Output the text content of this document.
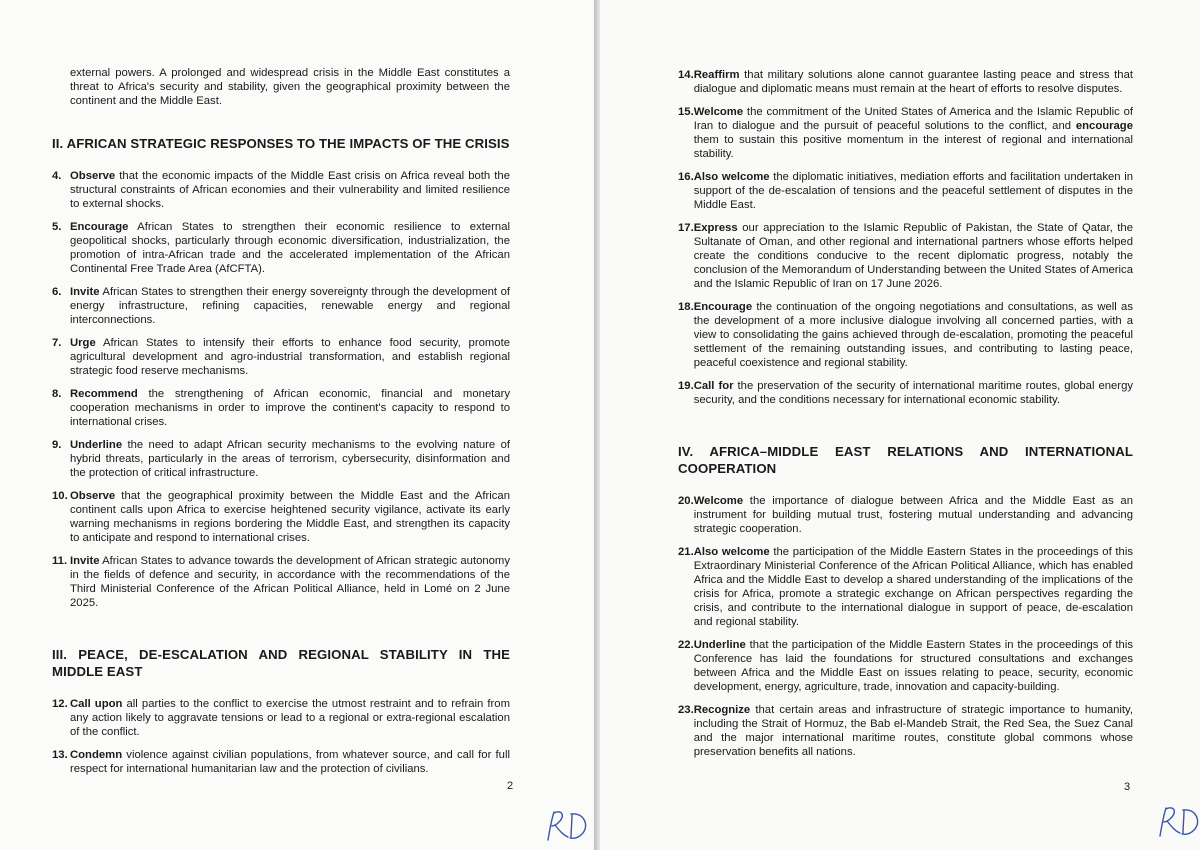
external powers. A prolonged and widespread crisis in the Middle East constitutes a threat to Africa's security and stability, given the geographical proximity between the continent and the Middle East.
II. AFRICAN STRATEGIC RESPONSES TO THE IMPACTS OF THE CRISIS
4. Observe that the economic impacts of the Middle East crisis on Africa reveal both the structural constraints of African economies and their vulnerability and limited resilience to external shocks.
5. Encourage African States to strengthen their economic resilience to external geopolitical shocks, particularly through economic diversification, industrialization, the promotion of intra-African trade and the accelerated implementation of the African Continental Free Trade Area (AfCFTA).
6. Invite African States to strengthen their energy sovereignty through the development of energy infrastructure, refining capacities, renewable energy and regional interconnections.
7. Urge African States to intensify their efforts to enhance food security, promote agricultural development and agro-industrial transformation, and establish regional strategic food reserve mechanisms.
8. Recommend the strengthening of African economic, financial and monetary cooperation mechanisms in order to improve the continent's capacity to respond to international crises.
9. Underline the need to adapt African security mechanisms to the evolving nature of hybrid threats, particularly in the areas of terrorism, cybersecurity, disinformation and the protection of critical infrastructure.
10. Observe that the geographical proximity between the Middle East and the African continent calls upon Africa to exercise heightened security vigilance, activate its early warning mechanisms in regions bordering the Middle East, and strengthen its capacity to anticipate and respond to international crises.
11. Invite African States to advance towards the development of African strategic autonomy in the fields of defence and security, in accordance with the recommendations of the Third Ministerial Conference of the African Political Alliance, held in Lomé on 2 June 2025.
III. PEACE, DE-ESCALATION AND REGIONAL STABILITY IN THE MIDDLE EAST
12. Call upon all parties to the conflict to exercise the utmost restraint and to refrain from any action likely to aggravate tensions or lead to a regional or extra-regional escalation of the conflict.
13. Condemn violence against civilian populations, from whatever source, and call for full respect for international humanitarian law and the protection of civilians.
2
14. Reaffirm that military solutions alone cannot guarantee lasting peace and stress that dialogue and diplomatic means must remain at the heart of efforts to resolve disputes.
15. Welcome the commitment of the United States of America and the Islamic Republic of Iran to dialogue and the pursuit of peaceful solutions to the conflict, and encourage them to sustain this positive momentum in the interest of regional and international stability.
16. Also welcome the diplomatic initiatives, mediation efforts and facilitation undertaken in support of the de-escalation of tensions and the peaceful settlement of disputes in the Middle East.
17. Express our appreciation to the Islamic Republic of Pakistan, the State of Qatar, the Sultanate of Oman, and other regional and international partners whose efforts helped create the conditions conducive to the recent diplomatic progress, notably the conclusion of the Memorandum of Understanding between the United States of America and the Islamic Republic of Iran on 17 June 2026.
18. Encourage the continuation of the ongoing negotiations and consultations, as well as the development of a more inclusive dialogue involving all concerned parties, with a view to consolidating the gains achieved through de-escalation, promoting the peaceful settlement of the remaining outstanding issues, and contributing to lasting peace, peaceful coexistence and regional stability.
19. Call for the preservation of the security of international maritime routes, global energy security, and the conditions necessary for international economic stability.
IV. AFRICA–MIDDLE EAST RELATIONS AND INTERNATIONAL COOPERATION
20. Welcome the importance of dialogue between Africa and the Middle East as an instrument for building mutual trust, fostering mutual understanding and advancing strategic cooperation.
21. Also welcome the participation of the Middle Eastern States in the proceedings of this Extraordinary Ministerial Conference of the African Political Alliance, which has enabled Africa and the Middle East to develop a shared understanding of the implications of the crisis for Africa, promote a strategic exchange on African perspectives regarding the crisis, and contribute to the international dialogue in support of peace, de-escalation and regional stability.
22. Underline that the participation of the Middle Eastern States in the proceedings of this Conference has laid the foundations for structured consultations and exchanges between Africa and the Middle East on issues relating to peace, security, economic development, energy, agriculture, trade, innovation and capacity-building.
23. Recognize that certain areas and infrastructure of strategic importance to humanity, including the Strait of Hormuz, the Bab el-Mandeb Strait, the Red Sea, the Suez Canal and the major international maritime routes, constitute global commons whose preservation benefits all nations.
3
